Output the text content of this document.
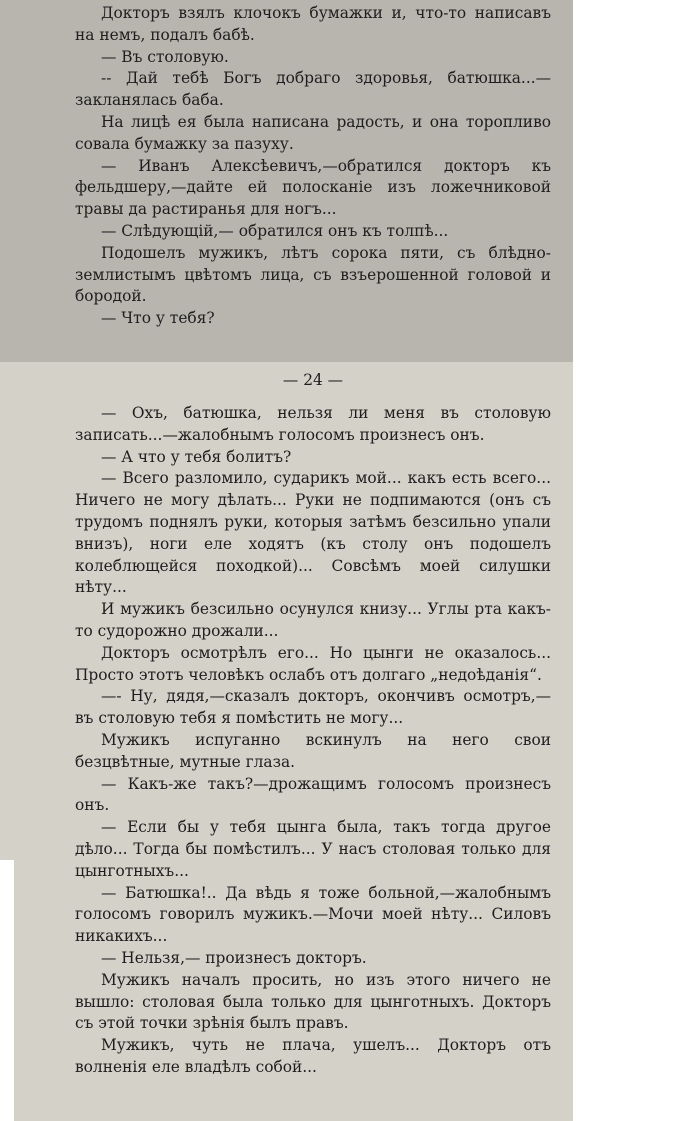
Докторъ взялъ клочокъ бумажки и, что-то написавъ на немъ, подалъ бабѣ.

— Въ столовую.

-- Дай тебѣ Богъ добраго здоровья, батюшка...— закланялась баба.

На лицѣ ея была написана радость, и она торопливо совала бумажку за пазуху.

— Иванъ Алексѣевичъ,—обратился докторъ къ фельдшеру,—дайте ей полосканіе изъ ложечниковой травы да растиранья для ногъ...

— Слѣдующій,— обратился онъ къ толпѣ...

Подошелъ мужикъ, лѣтъ сорока пяти, съ блѣдно-землистымъ цвѣтомъ лица, съ взъерошенной головой и бородой.

— Что у тебя?

— 24 —

— Охъ, батюшка, нельзя ли меня въ столовую записать...—жалобнымъ голосомъ произнесъ онъ.

— А что у тебя болитъ?

— Всего разломило, сударикъ мой... какъ есть всего... Ничего не могу дѣлать... Руки не подпимаются (онъ съ трудомъ поднялъ руки, которыя затѣмъ безсильно упали внизъ), ноги еле ходятъ (къ столу онъ подошелъ колеблющейся походкой)... Совсѣмъ моей силушки нѣту...

И мужикъ безсильно осунулся книзу... Углы рта какъ-то судорожно дрожали...

Докторъ осмотрѣлъ его... Но цынги не оказалось... Просто этотъ человѣкъ ослабъ отъ долгаго „недоѣданія“.

—- Ну, дядя,—сказалъ докторъ, окончивъ осмотръ,— въ столовую тебя я помѣстить не могу...

Мужикъ испуганно вскинулъ на него свои безцвѣтные, мутные глаза.

— Какъ-же такъ?—дрожащимъ голосомъ произнесъ онъ.

— Если бы у тебя цынга была, такъ тогда другое дѣло... Тогда бы помѣстилъ... У насъ столовая только для цынготныхъ...

— Батюшка!.. Да вѣдь я тоже больной,—жалобнымъ голосомъ говорилъ мужикъ.—Мочи моей нѣту... Силовъ никакихъ...

— Нельзя,— произнесъ докторъ.

Мужикъ началъ просить, но изъ этого ничего не вышло: столовая была только для цынготныхъ. Докторъ съ этой точки зрѣнія былъ правъ.

Мужикъ, чуть не плача, ушелъ... Докторъ отъ волненія еле владѣлъ собой...
